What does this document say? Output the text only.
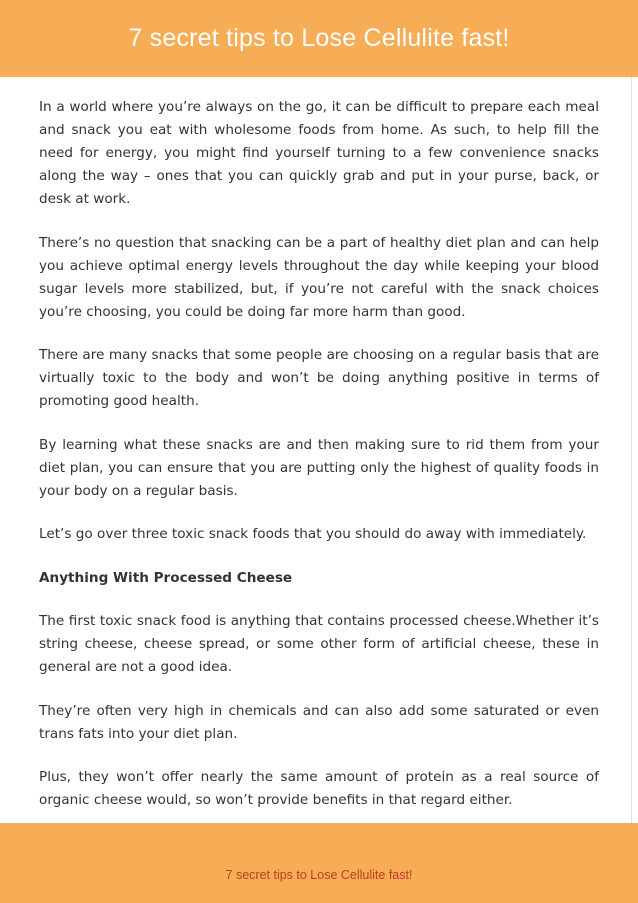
7 secret tips to Lose Cellulite fast!

In a world where you’re always on the go, it can be difficult to prepare each meal and snack you eat with wholesome foods from home. As such, to help fill the need for energy, you might find yourself turning to a few convenience snacks along the way – ones that you can quickly grab and put in your purse, back, or desk at work.

There’s no question that snacking can be a part of healthy diet plan and can help you achieve optimal energy levels throughout the day while keeping your blood sugar levels more stabilized, but, if you’re not careful with the snack choices you’re choosing, you could be doing far more harm than good.

There are many snacks that some people are choosing on a regular basis that are virtually toxic to the body and won’t be doing anything positive in terms of promoting good health.

By learning what these snacks are and then making sure to rid them from your diet plan, you can ensure that you are putting only the highest of quality foods in your body on a regular basis.

Let’s go over three toxic snack foods that you should do away with immediately.

Anything With Processed Cheese

The first toxic snack food is anything that contains processed cheese.Whether it’s string cheese, cheese spread, or some other form of artificial cheese, these in general are not a good idea.

They’re often very high in chemicals and can also add some saturated or even trans fats into your diet plan.

Plus, they won’t offer nearly the same amount of protein as a real source of organic cheese would, so won’t provide benefits in that regard either.

7 secret tips to Lose Cellulite fast!
